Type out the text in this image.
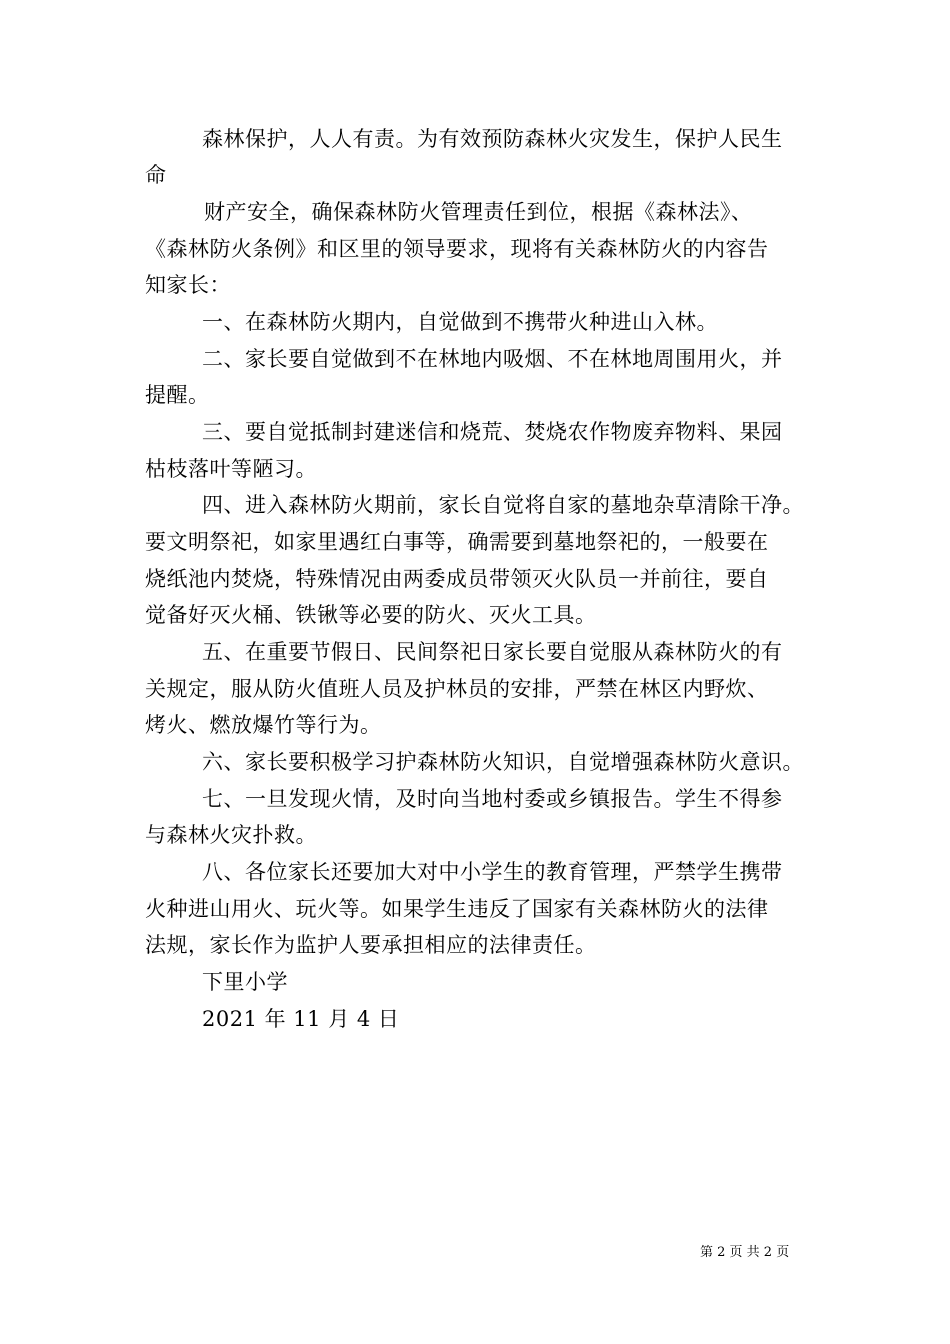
森林保护，人人有责。为有效预防森林火灾发生，保护人民生
命
财产安全，确保森林防火管理责任到位，根据《森林法》、
《森林防火条例》和区里的领导要求，现将有关森林防火的内容告
知家长：
一、在森林防火期内，自觉做到不携带火种进山入林。
二、家长要自觉做到不在林地内吸烟、不在林地周围用火，并
提醒。
三、要自觉抵制封建迷信和烧荒、焚烧农作物废弃物料、果园
枯枝落叶等陋习。
四、进入森林防火期前，家长自觉将自家的墓地杂草清除干净。
要文明祭祀，如家里遇红白事等，确需要到墓地祭祀的，一般要在
烧纸池内焚烧，特殊情况由两委成员带领灭火队员一并前往，要自
觉备好灭火桶、铁锹等必要的防火、灭火工具。
五、在重要节假日、民间祭祀日家长要自觉服从森林防火的有
关规定，服从防火值班人员及护林员的安排，严禁在林区内野炊、
烤火、燃放爆竹等行为。
六、家长要积极学习护森林防火知识，自觉增强森林防火意识。
七、一旦发现火情，及时向当地村委或乡镇报告。学生不得参
与森林火灾扑救。
八、各位家长还要加大对中小学生的教育管理，严禁学生携带
火种进山用火、玩火等。如果学生违反了国家有关森林防火的法律
法规，家长作为监护人要承担相应的法律责任。
下里小学
2021 年 11 月 4 日
第 2 页 共 2 页
